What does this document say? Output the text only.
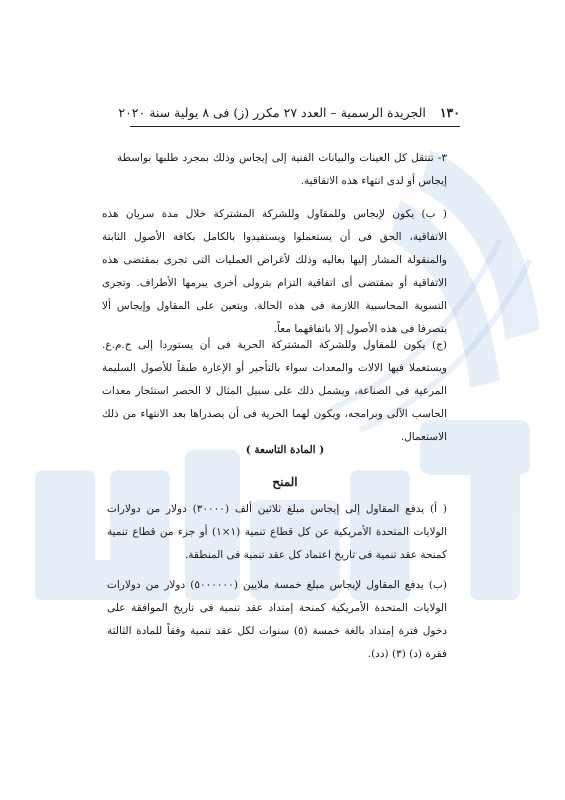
١٣٠ الجريدة الرسمية – العدد ٢٧ مكرر (ز) فى ٨ يولية سنة ٢٠٢٠
٣- تنتقل كل العينات والبيانات الفنية إلى إيجاس وذلك بمجرد طلبها بواسطة إيجاس أو لدى انتهاء هذه الاتفاقية.
( ب) يكون لإيجاس وللمقاول وللشركة المشتركة خلال مدة سريان هذه الاتفاقية، الحق فى أن يستعملوا ويستفيدوا بالكامل بكافة الأصول الثابتة والمنقولة المشار إليها بعاليه وذلك لأغراض العمليات التى تجرى بمقتضى هذه الاتفاقية أو بمقتضى أى اتفاقية التزام بترولى أخرى يبرمها الأطراف. وتجرى التسوية المحاسبية اللازمة فى هذه الحالة. ويتعين على المقاول وإيجاس ألا يتصرفا فى هذه الأصول إلا باتفاقهما معاً.
(ج) يكون للمقاول وللشركة المشتركة الحرية فى أن يستوردا إلى ج.م.ع. ويستعملا فيها الالات والمعدات سواء بالتأجير أو الإعارة طبقاً للأصول السليمة المرعية فى الصناعة، ويشمل ذلك على سبيل المثال لا الحصر استئجار معدات الحاسب الآلى وبرامجه، ويكون لهما الحرية فى أن يصدراها بعد الانتهاء من ذلك الاستعمال.
( المادة التاسعة )
المنح
( أ) يدفع المقاول إلى إيجاس مبلغ ثلاثين ألف (٣٠٠٠٠) دولار من دولارات الولايات المتحدة الأمريكية عن كل قطاع تنمية (١×١) أو جزء من قطاع تنمية كمنحة عقد تنمية فى تاريخ اعتماد كل عقد تنمية فى المنطقة.
(ب) يدفع المقاول لإيجاس مبلغ خمسة ملايين (٥٠٠٠٠٠٠) دولار من دولارات الولايات المتحدة الأمريكية كمنحة إمتداد عقد تنمية فى تاريخ الموافقة على دخول فترة إمتداد بالغة خمسة (٥) سنوات لكل عقد تنمية وفقاً للمادة الثالثة فقرة (د) (٣) (دد).
